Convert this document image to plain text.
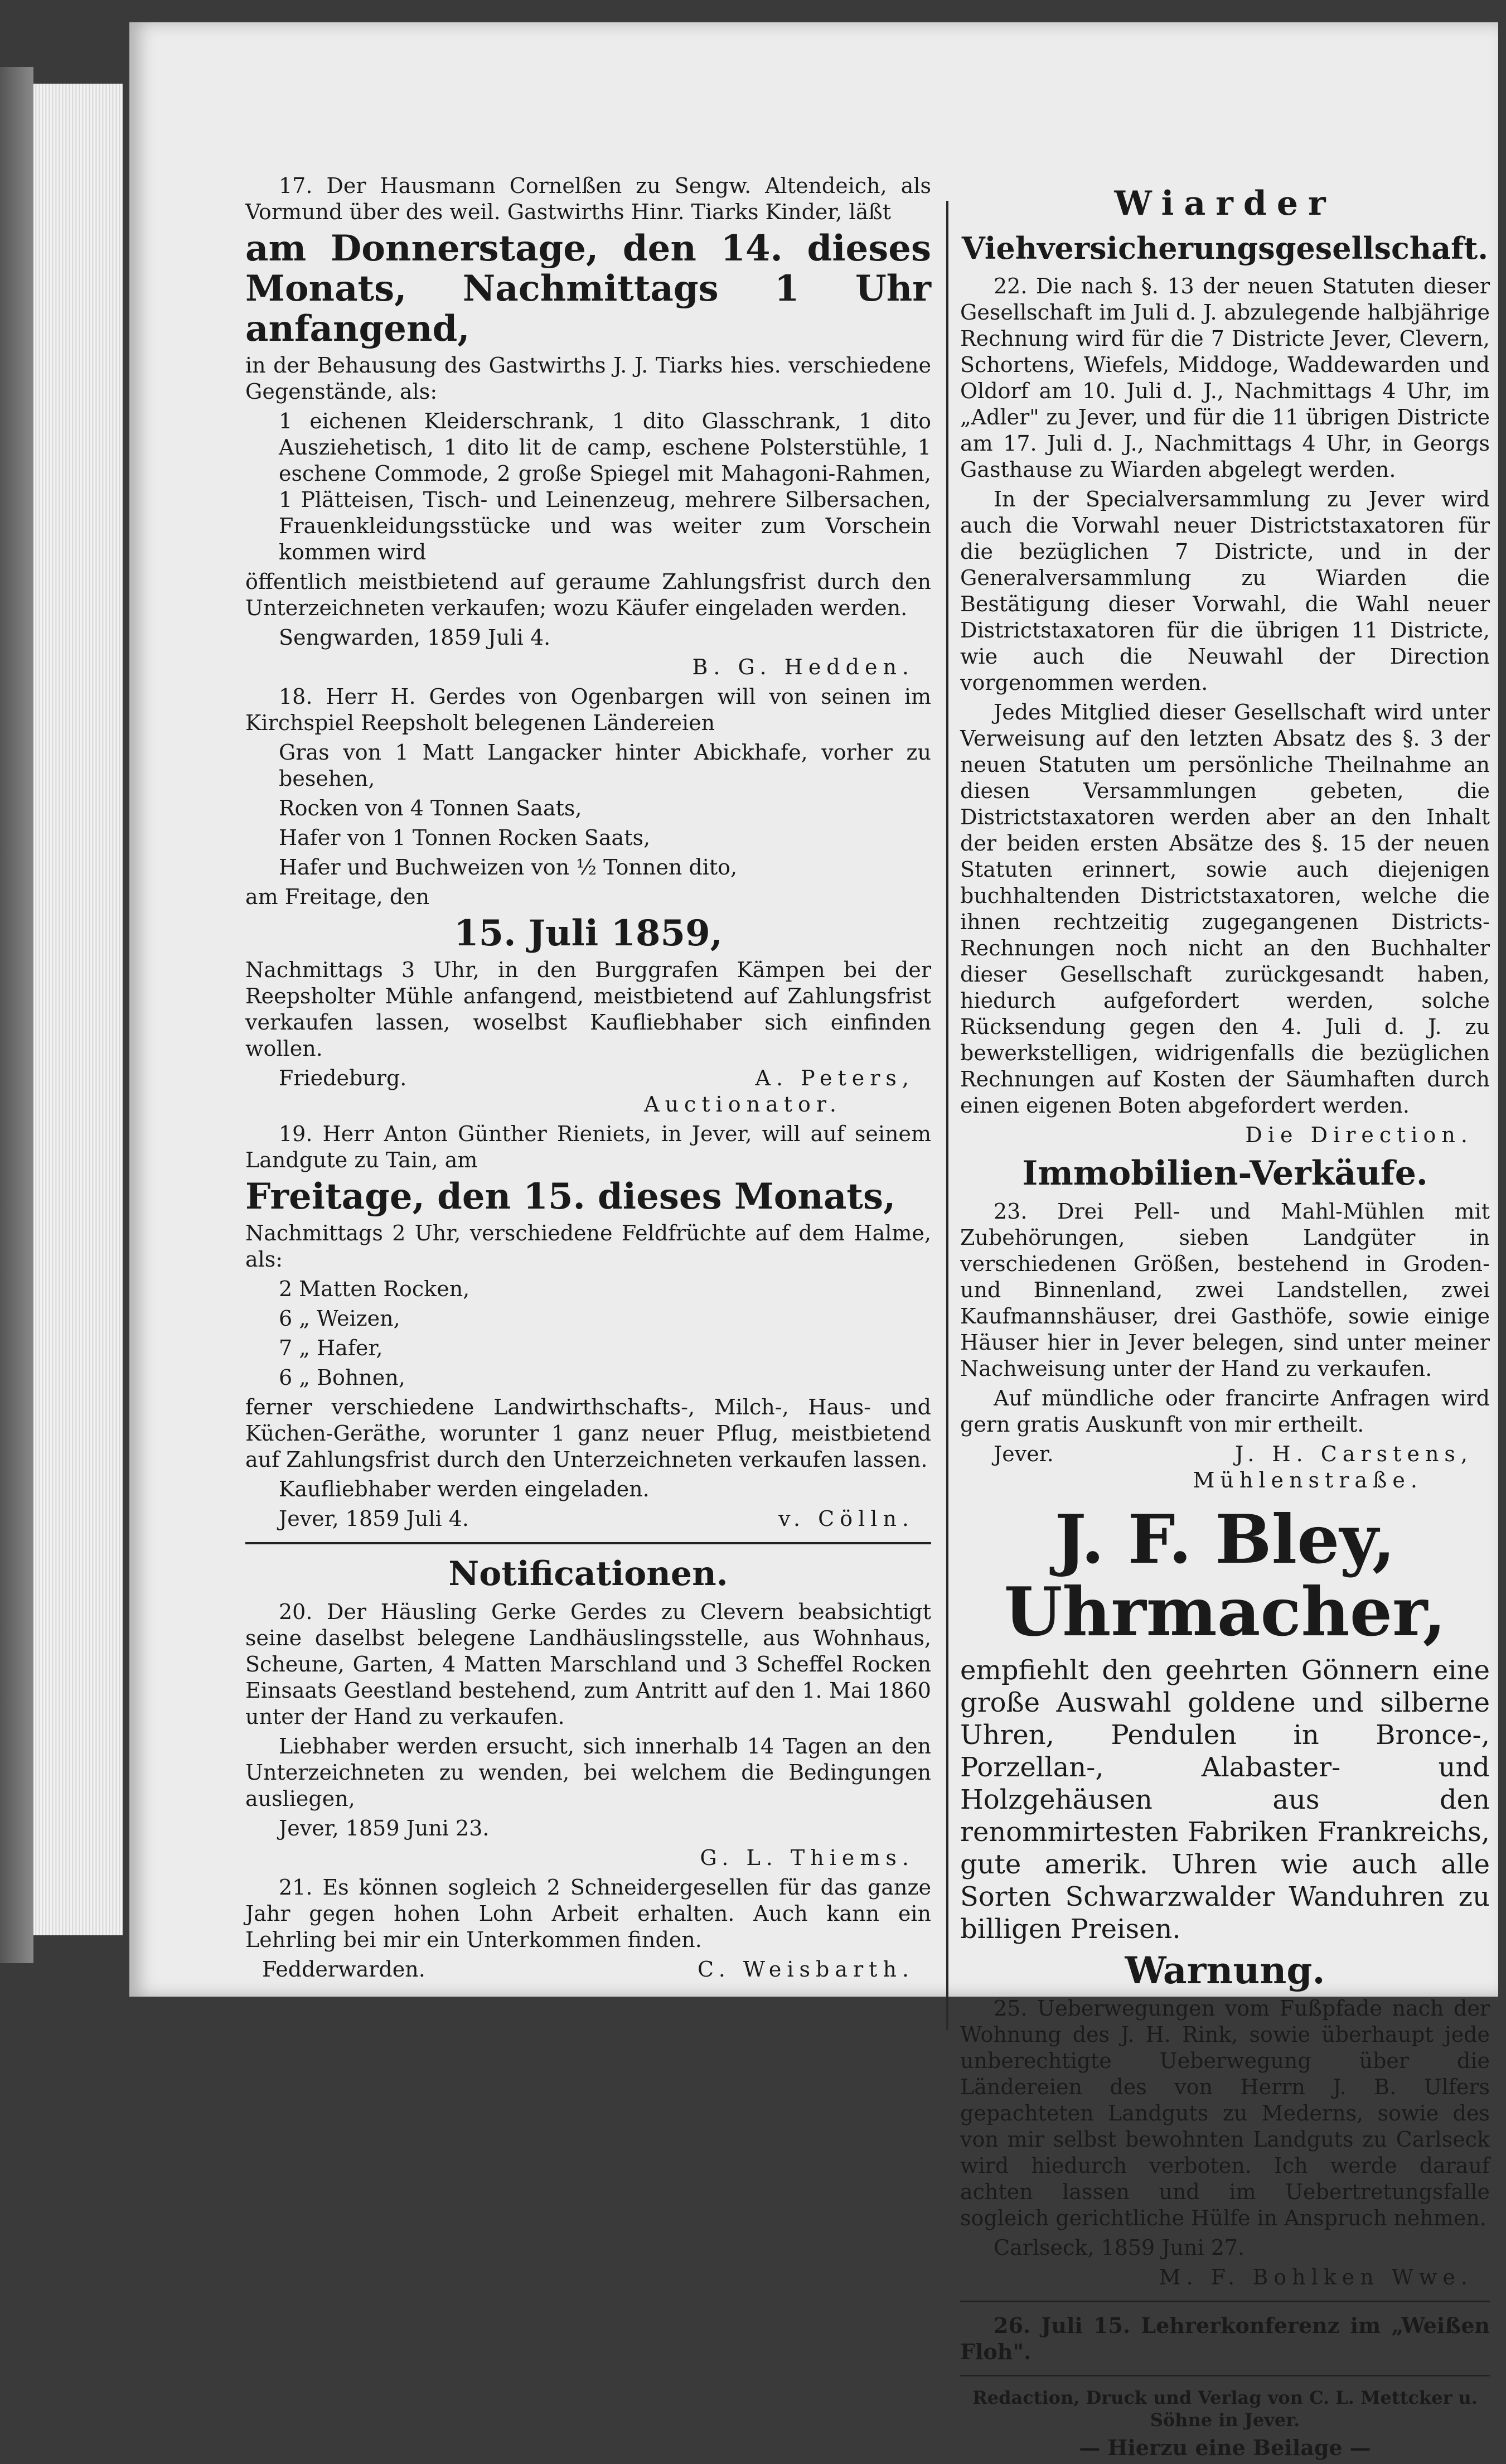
17. Der Hausmann Cornelßen zu Sengw. Altendeich, als Vormund über des weil. Gastwirths Hinr. Tiarks Kinder, läßt

am Donnerstage, den 14. dieses Monats, Nachmittags 1 Uhr anfangend,

in der Behausung des Gastwirths J. J. Tiarks hies. verschiedene Gegenstände, als:

1 eichenen Kleiderschrank, 1 dito Glasschrank, 1 dito Ausziehetisch, 1 dito lit de camp, eschene Polsterstühle, 1 eschene Commode, 2 große Spiegel mit Mahagoni-Rahmen, 1 Plätteisen, Tisch- und Leinenzeug, mehrere Silbersachen, Frauenkleidungsstücke und was weiter zum Vorschein kommen wird

öffentlich meistbietend auf geraume Zahlungsfrist durch den Unterzeichneten verkaufen; wozu Käufer eingeladen werden.

Sengwarden, 1859 Juli 4.

B. G. Hedden.

18. Herr H. Gerdes von Ogenbargen will von seinen im Kirchspiel Reepsholt belegenen Ländereien

Gras von 1 Matt Langacker hinter Abickhafe, vorher zu besehen,

Rocken von 4 Tonnen Saats,

Hafer von 1 Tonnen Rocken Saats,

Hafer und Buchweizen von ½ Tonnen dito,

am Freitage, den

15. Juli 1859,

Nachmittags 3 Uhr, in den Burggrafen Kämpen bei der Reepsholter Mühle anfangend, meistbietend auf Zahlungsfrist verkaufen lassen, woselbst Kaufliebhaber sich einfinden wollen.

Friedeburg.	A. Peters,

Auctionator.

19. Herr Anton Günther Rieniets, in Jever, will auf seinem Landgute zu Tain, am

Freitage, den 15. dieses Monats,

Nachmittags 2 Uhr, verschiedene Feldfrüchte auf dem Halme, als:

2 Matten Rocken,

6 „ Weizen,

7 „ Hafer,

6 „ Bohnen,

ferner verschiedene Landwirthschafts-, Milch-, Haus- und Küchen-Geräthe, worunter 1 ganz neuer Pflug, meistbietend auf Zahlungsfrist durch den Unterzeichneten verkaufen lassen.

Kaufliebhaber werden eingeladen.

Jever, 1859 Juli 4.	v. Cölln.

Notificationen.

20. Der Häusling Gerke Gerdes zu Clevern beabsichtigt seine daselbst belegene Landhäuslingsstelle, aus Wohnhaus, Scheune, Garten, 4 Matten Marschland und 3 Scheffel Rocken Einsaats Geestland bestehend, zum Antritt auf den 1. Mai 1860 unter der Hand zu verkaufen.

Liebhaber werden ersucht, sich innerhalb 14 Tagen an den Unterzeichneten zu wenden, bei welchem die Bedingungen ausliegen,

Jever, 1859 Juni 23.

G. L. Thiems.

21. Es können sogleich 2 Schneidergesellen für das ganze Jahr gegen hohen Lohn Arbeit erhalten. Auch kann ein Lehrling bei mir ein Unterkommen finden.

Fedderwarden.	C. Weisbarth.

Wiarder

Viehversicherungsgesellschaft.

22. Die nach §. 13 der neuen Statuten dieser Gesellschaft im Juli d. J. abzulegende halbjährige Rechnung wird für die 7 Districte Jever, Clevern, Schortens, Wiefels, Middoge, Waddewarden und Oldorf am 10. Juli d. J., Nachmittags 4 Uhr, im „Adler" zu Jever, und für die 11 übrigen Districte am 17. Juli d. J., Nachmittags 4 Uhr, in Georgs Gasthause zu Wiarden abgelegt werden.

In der Specialversammlung zu Jever wird auch die Vorwahl neuer Districtstaxatoren für die bezüglichen 7 Districte, und in der Generalversammlung zu Wiarden die Bestätigung dieser Vorwahl, die Wahl neuer Districtstaxatoren für die übrigen 11 Districte, wie auch die Neuwahl der Direction vorgenommen werden.

Jedes Mitglied dieser Gesellschaft wird unter Verweisung auf den letzten Absatz des §. 3 der neuen Statuten um persönliche Theilnahme an diesen Versammlungen gebeten, die Districtstaxatoren werden aber an den Inhalt der beiden ersten Absätze des §. 15 der neuen Statuten erinnert, sowie auch diejenigen buchhaltenden Districtstaxatoren, welche die ihnen rechtzeitig zugegangenen Districts-Rechnungen noch nicht an den Buchhalter dieser Gesellschaft zurückgesandt haben, hiedurch aufgefordert werden, solche Rücksendung gegen den 4. Juli d. J. zu bewerkstelligen, widrigenfalls die bezüglichen Rechnungen auf Kosten der Säumhaften durch einen eigenen Boten abgefordert werden.

Die Direction.

Immobilien-Verkäufe.

23. Drei Pell- und Mahl-Mühlen mit Zubehörungen, sieben Landgüter in verschiedenen Größen, bestehend in Groden- und Binnenland, zwei Landstellen, zwei Kaufmannshäuser, drei Gasthöfe, sowie einige Häuser hier in Jever belegen, sind unter meiner Nachweisung unter der Hand zu verkaufen.

Auf mündliche oder francirte Anfragen wird gern gratis Auskunft von mir ertheilt.

Jever.	J. H. Carstens,

Mühlenstraße.

J. F. Bley, Uhrmacher,

empfiehlt den geehrten Gönnern eine große Auswahl goldene und silberne Uhren, Pendulen in Bronce-, Porzellan-, Alabaster- und Holzgehäusen aus den renommirtesten Fabriken Frankreichs, gute amerik. Uhren wie auch alle Sorten Schwarzwalder Wanduhren zu billigen Preisen.

Warnung.

25. Ueberwegungen vom Fußpfade nach der Wohnung des J. H. Rink, sowie überhaupt jede unberechtigte Ueberwegung über die Ländereien des von Herrn J. B. Ulfers gepachteten Landguts zu Mederns, sowie des von mir selbst bewohnten Landguts zu Carlseck wird hiedurch verboten. Ich werde darauf achten lassen und im Uebertretungsfalle sogleich gerichtliche Hülfe in Anspruch nehmen.

Carlseck, 1859 Juni 27.

M. F. Bohlken Wwe.

26. Juli 15. Lehrerkonferenz im „Weißen Floh".

Redaction, Druck und Verlag von C. L. Mettcker u. Söhne in Jever.

— Hierzu eine Beilage —
